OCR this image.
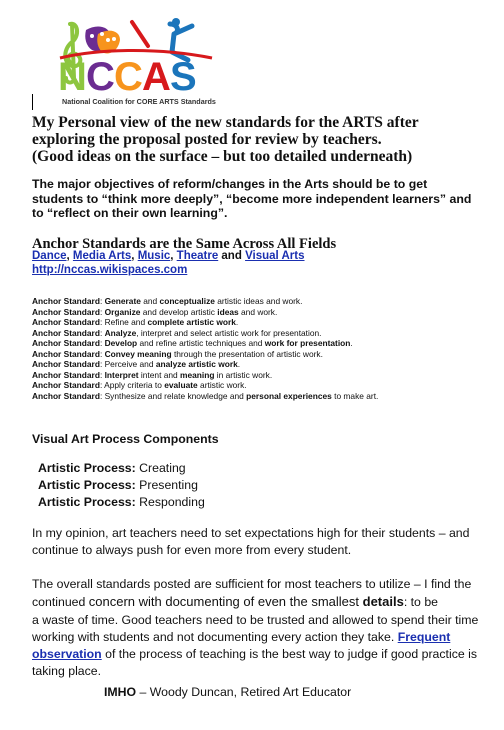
N C C A S
National Coalition for CORE ARTS Standards
My Personal view of the new standards for the ARTS after
exploring the proposal posted for review by teachers.
(Good ideas on the surface – but too detailed underneath)
The major objectives of reform/changes in the Arts should be to get
students to “think more deeply”, “become more independent learners” and
to “reflect on their own learning”.
Anchor Standards are the Same Across All Fields
Dance, Media Arts, Music, Theatre and Visual Arts
http://nccas.wikispaces.com
Anchor Standard: Generate and conceptualize artistic ideas and work.
Anchor Standard: Organize and develop artistic ideas and work.
Anchor Standard: Refine and complete artistic work.
Anchor Standard: Analyze, interpret and select artistic work for presentation.
Anchor Standard: Develop and refine artistic techniques and work for presentation.
Anchor Standard: Convey meaning through the presentation of artistic work.
Anchor Standard: Perceive and analyze artistic work.
Anchor Standard: Interpret intent and meaning in artistic work.
Anchor Standard: Apply criteria to evaluate artistic work.
Anchor Standard: Synthesize and relate knowledge and personal experiences to make art.
Visual Art Process Components
Artistic Process: Creating
Artistic Process: Presenting
Artistic Process: Responding
In my opinion, art teachers need to set expectations high for their students – and
continue to always push for even more from every student.
The overall standards posted are sufficient for most teachers to utilize – I find the
continued concern with documenting of even the smallest details: to be
a waste of time. Good teachers need to be trusted and allowed to spend their time
working with students and not documenting every action they take. Frequent
observation of the process of teaching is the best way to judge if good practice is
taking place.
IMHO – Woody Duncan, Retired Art Educator
